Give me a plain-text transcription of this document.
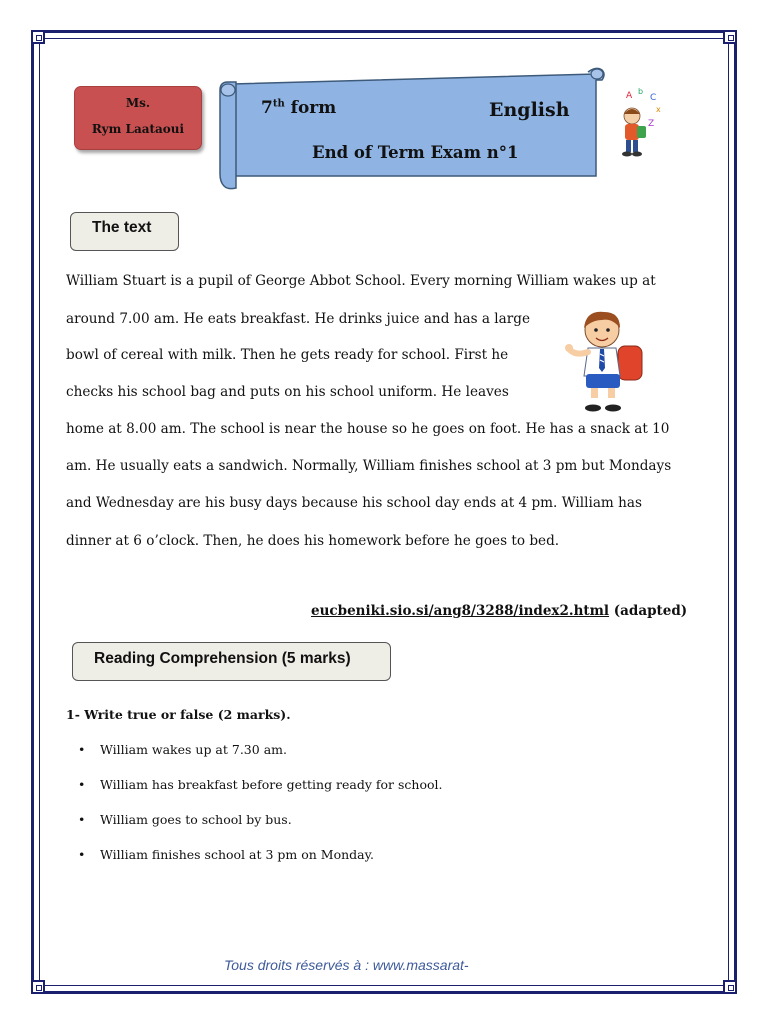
Ms.
Rym Laataoui
7th form	English
End of Term Exam n°1
A b
C
x
Z
The text
William Stuart is a pupil of George Abbot School. Every morning William wakes up at
around 7.00 am. He eats breakfast. He drinks juice and has a large
bowl of cereal with milk. Then he gets ready for school. First he
checks his school bag and puts on his school uniform. He leaves
home at 8.00 am. The school is near the house so he goes on foot. He has a snack at 10
am. He usually eats a sandwich. Normally, William finishes school at 3 pm but Mondays
and Wednesday are his busy days because his school day ends at 4 pm. William has
dinner at 6 o’clock. Then, he does his homework before he goes to bed.
eucbeniki.sio.si/ang8/3288/index2.html (adapted)
Reading Comprehension (5 marks)
1- Write true or false (2 marks).
• William wakes up at 7.30 am.
• William has breakfast before getting ready for school.
• William goes to school by bus.
• William finishes school at 3 pm on Monday.
Tous droits réservés à : www.massarat-
